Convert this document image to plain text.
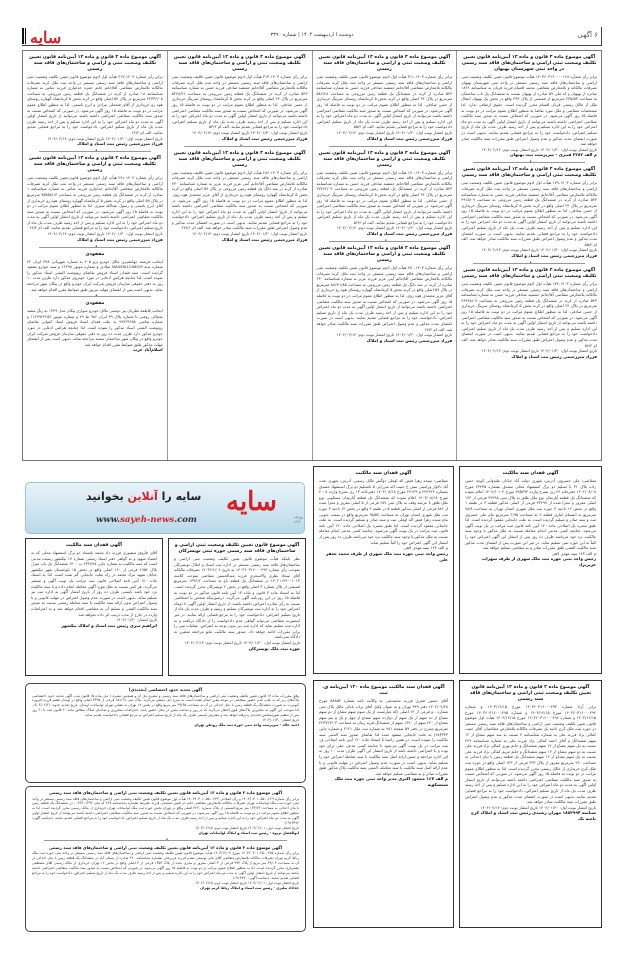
سایه	دوشنبه ا اردیبهشت ۱۴۰۴ | شماره ۳۳۹۰	۶ آگهی
آگهی موضوع ماده ۳ قانون و ماده ۱۳ آیین‌نامه قانون تعیین تکلیف وضعیت ثبتی اراضی و ساختمان‌های فاقد سند رسمی در واحد ثبتی شهرستان بهبهان

برابر رأی شماره ۱۴۰۳۶۰۳۱۲۰۰۰۰۱۲۸ هیأت موضوع قانون تعیین تکلیف وضعیت ثبتی اراضی و ساختمان‌های فاقد سند رسمی مستقر در واحد ثبتی شهرستان بهبهان تصرفات مالکانه و بلامعارض متقاضی محمد اقسام فرزند قربان به شناسنامه ۱۸۶۲ صادره از بهبهان و کد ملی ۵۹ صادره از بهبهان نسبت به ششدانگ یک باب ساختمان به مساحت ۲۳۵/۵۳ مترمربع از قسمتی از پلاک ۳۹۳ واقع در بخش یک بهبهان انتقال ملک از مالک رسمی قربان اقسام محرز گردیده است. حقوق ارتفاقی ندارد. لذا مشخصات متقاضی و ملک مورد تقاضا به منظور اطلاع عموم مراتب در دو نوبت به فاصله ۱۵ روز آگهی می‌شود. در صورتی که اشخاص نسبت به صدور سند مالکیت متقاضی اعتراضی داشته باشند می‌توانند از تاریخ انتشار اولین آگهی به مدت دو ماه اعتراض خود را به این اداره تسلیم و پس از اخذ رسید ظرف مدت یک ماه از تاریخ تسلیم اعتراض، دادخواست خود را به مراجع قضایی تقدیم نمایند. بدیهی است در صورت انقضای مدت مذکور و عدم وصول اعتراض طبق مقررات سند مالکیت صادر خواهد شد.

تاریخ انتشار نوبت اول: ۱۴۰۴/۰۱/۳۰ تاریخ انتشار نوبت دوم: ۱۴۰۴/۰۲/۱۴
م الف ۲۲۸۲ قنبری - سرپرست ثبت بهبهان
•
آگهی موضوع ماده ۳ قانون و ماده ۱۳ آیین‌نامه قانون تعیین تکلیف وضعیت ثبتی اراضی و ساختمان‌های فاقد سند رسمی

برابر رأی شماره ۱۴۰۳-۱۷۹ هیأت اول ادوم موضوع قانون تعیین تکلیف وضعیت ثبتی اراضی و ساختمان‌های فاقد سند رسمی مستقر در واحد ثبت ملک کرند تصرفات مالکانه بلامعارض متقاضی آقا/خانم جمشید صادقی فرزند حسن به شماره شناسنامه ۵۴۳ صادره از کرند در ششدانگ یک قطعه زمین مزروعی به مساحت ۴۹۱۵/۰۹ مترمربع در پلاک ۲۴ اصلی واقع در کرند بخش ۵ کرمانشاه روستای سرینگ خریداری از حسن صادقی. لذا به منظور اطلاع عموم مراتب در دو نوبت به فاصله ۱۵ روز آگهی می‌شود. در صورتی که اشخاص نسبت به صدور سند مالکیت متقاضی اعتراضی داشته باشند می‌توانند از تاریخ انتشار اولین آگهی به مدت دو ماه اعتراض خود را به این اداره تسلیم و پس از اخذ رسید ظرف مدت یک ماه از تاریخ تسلیم اعتراض، دادخواست خود را به مراجع قضایی تقدیم نمایند. بدیهی است در صورت انقضای مدت مذکور و عدم وصول اعتراض طبق مقررات سند مالکیت صادر خواهد شد. الف ام ۵۵/۲

تاریخ انتشار نوبت اول: ۱۴۰۴/۰۱/۳۰ تاریخ انتشار نوبت دوم: ۱۴۰۴/۰۲/۱۴
فرزاد میررحیمی رئیس ثبت اسناد و املاک
•
آگهی موضوع ماده ۳ قانون و ماده ۱۳ آیین‌نامه قانون تعیین تکلیف وضعیت ثبتی اراضی و ساختمان‌های فاقد سند رسمی

برابر رأی شماره ۱۴۰۳-۱۷۴ هیأت اول ادوم موضوع قانون تعیین تکلیف وضعیت ثبتی اراضی و ساختمان‌های فاقد سند رسمی مستقر در واحد ثبت ملک کرند تصرفات مالکانه بلامعارض متقاضی آقا/خانم جمشید صادقی فرزند حسن به شماره شناسنامه ۵۴۳ صادره از کرند در ششدانگ یک قطعه زمین مزروعی به مساحت ۴۴۹۳۸/۰۷ مترمربع در پلاک ۲۴ اصلی واقع در کرند بخش ۵ کرمانشاه روستای سرینگ خریداری از حسن صادقی. لذا به منظور اطلاع عموم مراتب در دو نوبت به فاصله ۱۵ روز آگهی می‌شود. در صورتی که اشخاص نسبت به صدور سند مالکیت متقاضی اعتراضی داشته باشند می‌توانند از تاریخ انتشار اولین آگهی به مدت دو ماه اعتراض خود را به این اداره تسلیم و پس از اخذ رسید ظرف مدت یک ماه از تاریخ تسلیم اعتراض، دادخواست خود را به مراجع قضایی تقدیم نمایند. بدیهی است در صورت انقضای مدت مذکور و عدم وصول اعتراض طبق مقررات سند مالکیت صادر خواهد شد. الف ام ۵۷/۲

تاریخ انتشار نوبت اول: ۱۴۰۴/۰۱/۳۰ تاریخ انتشار نوبت دوم: ۱۴۰۴/۰۲/۱۴
فرزاد میررحیمی رئیس ثبت اسناد و املاک
آگهی موضوع ماده ۳ قانون و ماده ۱۳ آیین‌نامه قانون تعیین تکلیف وضعیت ثبتی و اراضی و ساختمان‌های فاقد سند رسمی

برابر رأی شماره ۱۴۰۳-۳۱۱ هیأت اول ادوم موضوع قانون تعیین تکلیف وضعیت ثبتی اراضی و ساختمان‌های فاقد سند رسمی مستقر در واحد ثبت ملک کرند تصرفات مالکانه بلامعارض متقاضی آقا/خانم جمشید صادقی فرزند حسن به شماره شناسنامه ۵۴۳ صادره از کرند در ششدانگ یک قطعه زمین مزروعی به مساحت ۵۸۶/۲۸ مترمربع در پلاک ۲۴ اصلی واقع در کرند بخش ۵ کرمانشاه روستای سرینگ خریداری از حسن صادقی. لذا به منظور اطلاع عموم مراتب در دو نوبت به فاصله ۱۵ روز آگهی می‌شود. در صورتی که اشخاص نسبت به صدور سند مالکیت متقاضی اعتراضی داشته باشند می‌توانند از تاریخ انتشار اولین آگهی به مدت دو ماه اعتراض خود را به این اداره تسلیم و پس از اخذ رسید ظرف مدت یک ماه از تاریخ تسلیم اعتراض، دادخواست خود را به مراجع قضایی تقدیم نمایند. الف ام ۵۵/۲

تاریخ انتشار نوبت اول: ۱۴۰۴/۰۱/۳۰ تاریخ انتشار نوبت دوم: ۱۴۰۴/۰۲/۱۴
فرزاد میررحیمی رئیس ثبت اسناد و املاک
•
آگهی موضوع ماده ۳ قانون و ماده ۱۳ آیین‌نامه قانون تعیین تکلیف وضعیت ثبتی و اراضی و ساختمان‌های فاقد سند رسمی

برابر رأی شماره ۱۴۰۳-۱۷۰ هیأت اول ادوم موضوع قانون تعیین تکلیف وضعیت ثبتی اراضی و ساختمان‌های فاقد سند رسمی مستقر در واحد ثبت ملک کرند تصرفات مالکانه بلامعارض متقاضی آقا/خانم جمشید صادقی فرزند حسن به شماره شناسنامه ۵۴۳ صادره از کرند در ششدانگ یک قطعه زمین مزروعی به مساحت ۲۷۷۶۴/۰۴ مترمربع در پلاک ۲۴ اصلی واقع در کرند بخش ۵ کرمانشاه روستای سرینگ خریداری از حسن صادقی. لذا به منظور اطلاع عموم مراتب در دو نوبت به فاصله ۱۵ روز آگهی می‌شود. در صورتی که اشخاص نسبت به صدور سند مالکیت متقاضی اعتراضی داشته باشند می‌توانند از تاریخ انتشار اولین آگهی به مدت دو ماه اعتراض خود را به این اداره تسلیم و پس از اخذ رسید ظرف مدت یک ماه از تاریخ تسلیم اعتراض، دادخواست خود را به مراجع قضایی تقدیم نمایند. الف ام ۵۶/۲

تاریخ انتشار نوبت اول: ۱۴۰۴/۰۱/۳۰ تاریخ انتشار نوبت دوم: ۱۴۰۴/۰۲/۱۴
فرزاد میررحیمی رئیس ثبت اسناد و املاک
•
آگهی موضوع ماده ۳ قانون و ماده ۱۳ آیین‌نامه قانون تعیین تکلیف وضعیت ثبتی و اراضی و ساختمان‌های فاقد سند رسمی

برابر رأی شماره ۱۴۰۳-۲۸۰ هیأت اول ادوم موضوع قانون تعیین تکلیف وضعیت ثبتی اراضی و ساختمان‌های فاقد سند رسمی مستقر در واحد ثبت ملک کرند تصرفات مالکانه بلامعارض متقاضی آقا/خانم آیتی عزیز فرزند عزیز به شماره شناسنامه ۲۳۰ صادره از کرند در سه دانگ یک قطعه زمین مزروعی به مساحت ۸۸۶۴۱/۸۵ مترمربع در پلاک ۵۹ اصلی واقع در کرند بخش ۵ کرمانشاه گهواره روستای هوه رو خریداری از آقای عزیز محمدی هوه روی. لذا به منظور اطلاع عموم مراتب در دو نوبت به فاصله ۱۵ روز آگهی می‌شود. در صورتی که اشخاص نسبت به صدور سند مالکیت متقاضی اعتراضی داشته باشند می‌توانند از تاریخ انتشار اولین آگهی به مدت دو ماه اعتراض خود را به این اداره تسلیم و پس از اخذ رسید ظرف مدت یک ماه از تاریخ تسلیم اعتراض، دادخواست خود را به مراجع قضایی تقدیم نمایند. بدیهی است در صورت انقضای مدت مذکور و عدم وصول اعتراض طبق مقررات سند مالکیت صادر خواهد شد. الف ام ۶۷/۲

تاریخ انتشار نوبت اول: ۱۴۰۴/۰۱/۳۰ تاریخ انتشار نوبت دوم: ۱۴۰۴/۰۲/۱۴
فرزاد میررحیمی رئیس ثبت اسناد و املاک
آگهی موضوع ماده ۳ قانون و ماده ۱۳ آیین‌نامه قانون تعیین تکلیف وضعیت ثبتی و اراضی و ساختمان‌های فاقد سند رسمی

برابر رأی شماره ۱۴۰۳-۳۱۳ هیأت اول ادوم موضوع قانون تعیین تکلیف وضعیت ثبتی اراضی و ساختمان‌های فاقد سند رسمی مستقر در واحد ثبت ملک کرند تصرفات مالکانه بلامعارض متقاضی آقا/خانم جمشید صادقی فرزند حسن به شماره شناسنامه ۵۴۳ صادره از کرند در ششدانگ یک قطعه زمین مزروعی به مساحت ۵۲۲۸/۴۱ مترمربع در پلاک ۲۴ اصلی واقع در کرند بخش ۵ کرمانشاه روستای سرینگ خریداری از حسن صادقی. لذا به منظور اطلاع عموم مراتب در دو نوبت به فاصله ۱۵ روز آگهی می‌شود. در صورتی که اشخاص نسبت به صدور سند مالکیت متقاضی اعتراضی داشته باشند می‌توانند از تاریخ انتشار اولین آگهی به مدت دو ماه اعتراض خود را به این اداره تسلیم و پس از اخذ رسید ظرف مدت یک ماه از تاریخ تسلیم اعتراض، دادخواست خود را به مراجع قضایی تقدیم نمایند. الف ام ۵۳/۲

تاریخ انتشار نوبت اول: ۱۴۰۴/۰۱/۳۰ تاریخ انتشار نوبت دوم: ۱۴۰۴/۰۲/۱۴
فرزاد میررحیمی رئیس ثبت اسناد و املاک
•
آگهی موضوع ماده ۳ قانون و ماده ۱۳ آیین‌نامه قانون تعیین تکلیف وضعیت ثبتی و اراضی و ساختمان‌های فاقد سند رسمی

برابر رأی شماره ۱۴۰۳-۲۸۶ هیأت اول ادوم موضوع قانون تعیین تکلیف وضعیت ثبتی اراضی و ساختمان‌های فاقد سند رسمی مستقر در واحد ثبت ملک کرند تصرفات مالکانه بلامعارض متقاضی آقا/خانم آیتی عزیز فرزند عزیز به شماره شناسنامه ۲۳۰ صادره از کرند در سه دانگ یک قطعه زمین مزروعی در پلاک ۵۹ اصلی واقع در کرند بخش ۵ کرمانشاه گهواره روستای هوه رو خریداری از آقای عزیز محمدی هوه روی. لذا به منظور اطلاع عموم مراتب در دو نوبت به فاصله ۱۵ روز آگهی می‌شود. در صورتی که اشخاص نسبت به صدور سند مالکیت متقاضی اعتراضی داشته باشند می‌توانند از تاریخ انتشار اولین آگهی به مدت دو ماه اعتراض خود را به این اداره تسلیم و پس از اخذ رسید ظرف مدت یک ماه از تاریخ تسلیم اعتراض، دادخواست خود را به مراجع قضایی تقدیم نمایند. بدیهی است در صورت انقضای مدت مذکور و عدم وصول اعتراض طبق مقررات سند مالکیت صادر خواهد شد. الف ام ۶۷۹/۱

تاریخ انتشار نوبت اول: ۱۴۰۴/۰۱/۳۰ تاریخ انتشار نوبت دوم: ۱۴۰۴/۰۲/۱۴
فرزاد میررحیمی رئیس ثبت اسناد و املاک
آگهی موضوع ماده ۳ قانون و ماده ۱۳ آیین‌نامه قانون تعیین تکلیف وضعیت ثبتی و اراضی و ساختمان‌های فاقد سند رسمی

برابر رأی شماره ۱۴۰۳-۳۱۳ هیأت اول ادوم موضوع قانون تعیین تکلیف وضعیت ثبتی اراضی و ساختمان‌های فاقد سند رسمی مستقر در واحد ثبت ملک کرند تصرفات مالکانه بلامعارض متقاضی آقا/خانم خانم حمزه خدابیاری فرزند عباس به شماره شناسنامه ۱۸ صادره از کرند در ششدانگ یک قطعه زمین مزروعی به مساحت ۲۲۳۳۶/۰۸ مترمربع در پلاک ۵۹ اصلی واقع در کرند بخش ۵ کرمانشاه گهواره روستای هوه رو خریداری از آقای فتحعلی مرادی و ایرج یاسمی. لذا به منظور اطلاع عموم مراتب در دو نوبت به فاصله ۱۵ روز آگهی می‌شود. در صورتی که اشخاص نسبت به صدور سند مالکیت متقاضی اعتراضی داشته باشند می‌توانند از تاریخ انتشار اولین آگهی به مدت دو ماه اعتراض خود را به این اداره تسلیم و پس از اخذ رسید ظرف مدت یک ماه از تاریخ تسلیم اعتراض، دادخواست خود را به مراجع قضایی تقدیم نمایند. الف ام ۶۲/۲

تاریخ انتشار نوبت اول: ۱۴۰۴/۰۱/۳۰ تاریخ انتشار نوبت دوم: ۱۴۰۴/۰۲/۱۴
فرزاد میررحیمی رئیس ثبت اسناد و املاک
•
آگهی موضوع ماده ۳ قانون و ماده ۱۳ آیین‌نامه قانون تعیین تکلیف وضعیت ثبتی و اراضی و ساختمان‌های فاقد سند رسمی

برابر رأی شماره ۱۴۰۳-۲۹۱ هیأت اول ادوم موضوع قانون تعیین تکلیف وضعیت ثبتی اراضی و ساختمان‌های فاقد سند رسمی مستقر در واحد ثبت ملک کرند تصرفات مالکانه بلامعارض متقاضی آقا/خانم خدابیاری فرزند عباس به شماره شناسنامه ۱ صادره از کرند در ششدانگ یک قطعه زمین مزروعی به مساحت ۹۵۷۵۸/۱۳ مترمربع در پلاک ۵۹ اصلی واقع در کرند بخش ۵ کرمانشاه گهواره روستای هوه رو خریداری از آقای ایرج یاسمی و رسول عبدالله سبزی. لذا به منظور اطلاع عموم مراتب در دو نوبت به فاصله ۱۵ روز آگهی می‌شود. در صورتی که اشخاص نسبت به صدور سند مالکیت متقاضی اعتراضی داشته باشند می‌توانند از تاریخ انتشار اولین آگهی به مدت دو ماه اعتراض خود را به این اداره تسلیم و پس از اخذ رسید ظرف مدت یک ماه از تاریخ تسلیم اعتراض، دادخواست خود را به مراجع قضایی تقدیم نمایند. الف ام ۶۲/۲

تاریخ انتشار نوبت اول: ۱۴۰۴/۰۱/۳۰ تاریخ انتشار نوبت دوم: ۱۴۰۴/۰۲/۱۴
فرزاد میررحیمی رئیس ثبت اسناد و املاک
•
مفقودی

ایجانب فرشته جهانشیری مالک خودرو پژو ۴۰۵ به شماره شهربانی ۳۹۸ ایران ۲۲ شماره بدنه NAAM01CA6CM میلادی و شماره موتور ۱۲۴۹۸ و سند خودرو مفقود گردیده است. سند فقدان اسناد فروش تقاضای رونوشت المثنی اسناد مذکور را نموده است. لذا چنانچه هرکس ادعایی در مورد خودروی مذکور دارد ظرف مدت ۱۰ روز به دفتر حقوقی سازمان فروش شرکت ایران خودرو واقع در پیکان شهر مراجعه نماید. بدیهی است پس از انقضای مهلت مزبور طبق ضوابط مقرر اقدام خواهد شد.

•
مفقودی

ایجانب فاطمه نظریان پیر دوستی مالک خودرو سواری پیکان مدل ۱۳۷۹ به رنگ سفید یخچالی روغنی با شماره پلاک ۳۹ ایران ۹۸۶ ط ۷۹ و شماره موتور ۱۱۲۷۹۲۲۲۵۲ و شماره شاسی ۷۹۴۲۳۶۵۸ به علت فقدان اسناد فروش اسناد کمپانی تقاضای رونوشت المثنی اسناد مذکور را نموده است. لذا چنانچه هرکس ادعایی در مورد خودرو مذکور دارد ظرف مدت ده روز به دفتر حقوقی سازمان فروش شرکت ایران خودرو واقع در پیکان شهر ساختمان سمند مراجعه نماید. بدیهی است پس از انقضای مهلت مذکور طبق ضوابط مقرر اقدام خواهد شد.

اسلام‌آباد غرب
سایه	روزنامه ایران
سایه را آنلاین بخوانید
www.sayeh-news.com
آگهی فقدان سند مالکیت

متقاضی: علی خسروی، آدرس: شهری دولت آباد خیابان علیدوانی کوچه حسن زاده پلاک ۳۱ با تسلیم دو برگ استشهاد محلی مصدق بشماره ۲۳۴۳۵ مورخ ۱۴۰۲/۰۸/۰۸ دفترخانه ۴۲ ری بشرح وارده ۲۹۵۷۹۳ مورخ ۱۴۰۲/۱۰/۰۴ اعلام نموده که ششدانگ یک قطعه آپارتمان نوع ملک طلق به پلاک ثبتی ۲۷۹۹۸ فرعی از ۱۲۳ اصلی مفروز و مجزا شده از ۴۳۲۹۷ فرعی از اصلی مذکور قطعه ۴ در طبقه ۱ واقع در بخش ۱۲ ناحیه ۳ حوزه ثبت ملک شهری استان تهران به مساحت ۹۸/۸ مترمربع به انضمام انباری قطعه ۲ به مساحت ۲/۹۵ مترمربع بنام علی خسروی ثبت و سند صادر و تسلیم گردیده است. به علت جابجایی مفقود گردیده است. لذا طبق تبصره یک اصلاحی ماده ۱۲۰ آیین نامه قانون ثبت مراتب در یک نوبت آگهی می‌شود. چنانچه کسی مدعی انجام معامله نسبت به ملک مذکور یا وجود سند مالکیت نزد خود می‌باشد ظرف ده روز پس از انتشار این آگهی اعتراض خود را کتباً به این حوزه ثبتی تسلیم نماید. در غیر این صورت پس از انقضای مدت مذکور سند مالکیت المثنی طبق مقررات صادر و به متقاضی تسلیم خواهد شد.

م الف ۱۴۳ سید مهدی لاهی
رئیس واحد ثبتی حوزه ثبت ملک شهری از طرف سهراب عزیزنژاد
آگهی فقدان سند مالکیت

متقاضی: سیده زهرا فیض اله اوغلی دوگش مالک رسمی، آدرس: شهری تحت آباد دلاوار ورامینی نبش خ حبیب اله میرزایی ۵ باتسلیم دو برگ استشهاد مصدق بشماره ۲۴۲۳۲۳ و ۲۴۱۳۹ مورخ ۱۴۰۳/۰۸/۱۸ دفترخانه ۱۳ ری بشرح وارده ۴۰۰۸ مورخ ۱۴۰۳/۰۸/۱۸ اعلام نموده که ششدانگ یک قطعه آپارتمان مسکونی نوع ملک طلق با عرصه وقف به پلاک ثبتی ۶۸۷ فرعی از ۵ اصلی مفروز و مجزا شده از ۸۸۶ فرعی از اصلی مذکور قطعه ۵ در طبقه ۲ واقع در بخش ۱۲ ناحیه ۳ حوزه ثبت ملک شهری استان تهران به مساحت ۹۵/۵۷ مترمربع واقع در سمت جنوبی بنام سیده زهرا فیض اله اوغلی ثبت و سند صادر و تسلیم گردیده است. به علت جابجایی مفقود گردیده است. لذا طبق تبصره یک اصلاحی ماده ۱۲۰ آیین نامه قانون ثبت مراتب در یک نوبت آگهی می‌شود. چنانچه کسی مدعی انجام معامله نسبت به ملک مذکور یا وجود سند مالکیت نزد خود می‌باشد ظرف ده روز پس از انتشار این آگهی اعتراض خود را کتباً تسلیم نماید.

م الف ۱۴۴ سید مهدی لاهی
رئیس واحد ثبتی حوزه ثبت ملک شهری از طرف محمد جعفر علی
آگهی موضوع قانون تعیین تکلیف وضعیت ثبتی اراضی و ساختمان‌های فاقد سند رسمی حوزه ثبتی تویسرکان

نظر باینکه هیأت موضوع قانون تعیین تکلیف وضعیت ثبتی اراضی و ساختمان‌های فاقد سند رسمی مستقر در اداره ثبت اسناد و املاک تویسرکان بموجب رأی شماره ۱۴۰۳۶۰۳۱۶۰۰۰۴۹۳ به تاریخ ۱۴۰۳/۱۲/۰۴ تصرفات مالکانه آقای سجاد نظری والاسحری فرزند عبدالحسین متقاضی بموجب کلاسه ۱۴۰۲۱۱۴۴۰۰۱۰۱۳ در ششدانگ یک قطعه باغ به مساحت ۱۳۷۲/۲ مترمربع قسمتی از پلاک شماره ۳ اصلی واقع در بخش ۲ تویسرکان محرز گردیده است. لذا به استناد ماده ۳ قانون و ماده ۱۳ آیین نامه قانون مذکور در دو نوبت به فاصله ۱۵ روز در این روزنامه آگهی می‌گردد. درصورتیکه شخص یا اشخاصی نسبت به رأی صادره اعتراض داشته باشند، از تاریخ انتشار اولین آگهی تا دوماه اعتراض خود را به اداره ثبت تویسرکان تسلیم و رسید و ظرف مدت یک ماه از تاریخ تسلیم اعتراض، دادخواست خود را به مرجع قضایی ارائه نمایند. در غیر اینصورت متقاضی می‌تواند گواهی عدم دادخواست را از دادگاه دریافت و به اداره ثبت تسلیم نماید که اداره ثبت نیز بدون توجه به اعتراض، عملیات ثبتی را برابر مقررات ادامه خواهد داد. صدور سند مالکیت مانع مراجعه متضرر به دادگاه نمی‌باشد.

تاریخ انتشار نوبت اول: ۱۴۰۴/۰۱/۳۰ تاریخ انتشار نوبت دوم: ۱۴۰۴/۰۲/۱۴
حوزه ثبت ملک تویسرکان
آگهی فقدان سند مالکیت

آقای فاروق منصوری فرزند داد محمد باستناد دو برگ استشهاد محلی که به امضاء شهود و به گواهی دفتر اسناد رسمی شماره ۱۷ نیکشهر رسیده مدعی است که سند مالکیت به شماره چاپی ۲۳۲۸۹۸ ب ۱۴۰۰ ششدانگ یک باب منزل پلاک ۱۹۵۴ فرعی از ۱۶۰ اصلی واقع در بخش ۱۵ بلوچستان شهر نیکشهر خیابان شهید مراد محمد در راه بعلت جابجایی گم شده است. لذا به استناد ماده ۱۲۰ آئین نامه اصلاحی قانون ثبت مراتب یک نوبت آگهی و منتشر می‌گردد. هر کس نسبت به ملک مورد آگهی معامله انجام داده و یا سند مالکیت نزد خود باشد بایستی ظرف ده روز از تاریخ انتشار آگهی به اداره ثبت نیز تسلیم نماید. بدیهی است در صورت عدم وصول اعتراض در مهلت قانونی و یا وصول اعتراض بدون ارائه سند مالکیت یا سند معامله رسمی نسبت به صدور سند مالکیت المثنی و تسلیم آن به متقاضی اقدام خواهد شد و به اعتراضات وارده در خارج از مدت ترتیب اثر داده نخواهد شد.

تاریخ انتشار: ۱۴۰۴/۰۱/۳۰
ابراهیم میری رئیس ثبت اسناد و املاک نیکشهر
آگهی موضوع ماده ۳ قانون و ماده ۱۳ آیین‌نامه قانون تعیین تکلیف وضعیت ثبتی اراضی و ساختمان‌های فاقد سند رسمی

برابر آراء شماره ۱۴۰۳۶۰۳۱۶۰۰۰۴۹۳ مورخ ۱۴۰۳/۱۲/۱۵ و شماره ۱۴۰۳۶۰۳۱۶۰۰۰۴۹۴ مورخ ۱۴۰۳/۱۲/۱۵ و شماره ۱۴۰۳۶۰۳۱۶۰۰۰۴۹۵ مورخ ۱۴۰۳/۱۲/۱۵ و شماره ۱۴۰۳۶۰۳۱۶۰۰۰۴۹۶ مورخ ۱۴۰۳/۱۲/۱۵ هیأت اول موضوع قانون تعیین تکلیف وضعیت ثبتی اراضی و ساختمان‌های فاقد سند رسمی مستقر در حوزه ثبت ملک کرج ناحیه یک تصرفات مالکانه بلامعارض متقاضیان آقای حبیب کمالی نژاد فرزند علی به شماره شناسنامه ۴ نسبت به سه سهم مشاع از ۱۲ سهم ششدانگ و آقای احمد کمالی نژاد فرزند علی به شماره شناسنامه ۲۲۷ نسبت به یک سهم مشاع از ۱۲ سهم ششدانگ و خانم پوری کمالی نژاد فرزند علی نسبت به دو سهم مشاع از ۱۲ سهم ششدانگ و خانم مریم کمالی نژاد فرزند علی نسبت به یک سهم مشاع از ۱۲ سهم ششدانگ یک قطعه زمین با بنای احداثی به مساحت ۲۹۰ مترمربع مفروز از پلاک ۲۳۳ فرعی از ۱۴۳ اصلی واقع در حوزه ثبت ملک کرج خریداری از مالک رسمی محرز گردیده است. لذا به منظور اطلاع عموم مراتب در دو نوبت به فاصله ۱۵ روز آگهی می‌شود. در صورتی که اشخاص نسبت به صدور سند مالکیت متقاضی اعتراضی داشته باشند می‌توانند از تاریخ انتشار اولین آگهی به مدت دو ماه اعتراض خود را به این اداره تسلیم و پس از اخذ رسید ظرف مدت یک ماه از تاریخ تسلیم اعتراض، دادخواست خود را به مراجع قضایی تقدیم نمایند. بدیهی است در صورت انقضای مدت مذکور و عدم وصول اعتراض طبق مقررات سند مالکیت صادر خواهد شد.

تاریخ انتشار نوبت اول: ۱۴۰۴/۰۱/۳۰ تاریخ انتشار نوبت دوم: ۱۴۰۴/۰۲/۱۴
شناسه ۱۸۸۲۹۹۴ مهران رشیدی رئیس ثبت اسناد و املاک کرج ناحیه یک
آگهی فقدان سند مالکیت موضوع ماده ۱۲۰ آیین‌نامه ق. ثبت

آقای حسین قنبری فرزند محمدتقی به وکالت نامه شماره ۵۸۸۵۴ مورخ ۱۴۰۲/۰۴/۲۸ دفتر ۳۴۹ تهران و به عنوان وکیل آقای برات بابائی مالک پلاک ثبتی شماره - و فرعی از ۱۳ اصلی (که عبارتست از یک سوم سهم مشاع از دو سهم مشاع از ده سهم از یک سهم از دوازده سهم مشاع از چهل و یک و نیم سهم مشاع از ۲۴۰ سهم از ۱۶۹۰ سهم از ششدانگ قریه زیبان به مساحت ۲۲۳۷۲۳/۰۳ مترمربع مندرج در دفتر ۵۹ صفحه ۹۸۱ به شماره ثبت ملک ۲۱۲۱ و شماره چاپی ۶۸۳۳۳۳) به علت جابجایی مفقود شده لذا تقاضای صدور سند المثنی سند مالکیت را نموده است. در همین راستا با استناد ماده ۱۲۰ آیین نامه اصلاحی ق. ثبت مراتب در یک نوبت آگهی می‌شود تا چنانچه کسی مدعی حقی برای خود بوده و یا اعتراضی داشته باشد از تاریخ انتشار این آگهی ظرف مدت ۱۰ روز به این اداره مراجعه و ضمن ارائه اصل سند مالکیت یا سند معامله اعتراض خود را تسلیم نماید. بدیهی است در صورت عدم وصول اعتراض در مهلت قانونی و یا عدم ارائه اصل سند مالکیت یا سند معامله، المثنی سند مالکیت پلاک مذکور طبق مقررات صادر و به متقاضی تسلیم خواهد شد.

م الف ۱۶۷ محمود اکبری مدیر واحد ثبتی حوزه ثبت ملک شمشکویه
آگهی تحدید حدود اختصاصی (تجدیدی)

وفق مقررات ماده ۱۳ قانون تعیین تکلیف وضعیت ثبتی اراضی و ساختمان‌های فاقد سند رسمی و تبصره ذیل آن و همچنین تبصره ۱ ذیل ماده ۱۵ قانون ثبت، آگهی تحدید حدود اختصاصی پلاک‌های زیر که به علت عدم حضور متقاضی در موعد مقرر انجام نشده است به شرح ذیل منتشر می‌گردد. پلاک ثبتی ۱۵۱/۱۷ فرعی از ۳۳۹۵ اصلی واقع در اوشان فشم فرزند فیروزه کیومرث به صورت ششدانگ یک قطعه زمین با بنای احداثی در آن به مساحت ۴۹/۹۵ متر مربع واقع در بخش ۱۸ تهران به نشانی تهران لواسانات اوشان. تاریخ تحدید حدود: ۱۴۰۴/۰۲/۲۱. لذا بموجب این آگهی به مجاورین پلاک‌های فوق اخطار می‌گردد که در روز و ساعت مقرر در محل حضور یابند. اعتراضات مجاورین و صاحبان املاک مطابق ماده ۲۰ قانون ثبت تا ۳۰ روز پس از تنظیم صورتمجلس تحدیدی پذیرفته خواهد شد و معترض بایستی ظرف یک ماه از تاریخ تسلیم اعتراض به مرجع قضایی دادخواست تقدیم نماید.

تاریخ انتشار: ۱۴۰۴/۰۱/۳۰
احمد خالد - سرپرست واحد ثبتی حوزه ثبت ملک رودهن تهران
آگهی موضوع ماده ۳ قانون و ماده ۱۳ آیین‌نامه قانون تعیین تکلیف وضعیت ثبتی اراضی و ساختمان‌های فاقد سند رسمی

برابر رأی شماره ۱۴۰۳۶۰۳۰۱۰۵۵۰۰۲۶۹ و رأی اصلاحی ۱۴۰۳۶۰۳۰۱۰۵۵۰۰۲۳۳ هیأت اول موضوع قانون تعیین تکلیف وضعیت ثبتی اراضی و ساختمان‌های فاقد سند رسمی مستقر در واحد ثبتی حوزه ثبت ملک لواسانات تهران تصرفات مالکانه بلامعارض متقاضی خانم ام البنین صحیحی فرزند علیرضا بشماره شناسنامه ۲۲۸ کد ملی ۰۰۴۹۶۰۱۳۹۲ در ششدانگ یک قطعه زمین با بنای احداثی به مساحت ۱۳۳/۲۲ متر مربع قسمتی از پلاک شماره ۲۲۲۰ اصلی واقع در تهران بخش حوزه ثبت ملک لواسانات تهران خریداری از مالک رسمی محرز گردیده است. لذا به منظور اطلاع عموم مراتب در دو نوبت به فاصله ۱۵ روز آگهی می‌شود. در صورتی که اشخاص نسبت به صدور سند مالکیت متقاضی اعتراضی داشته باشند می‌توانند از تاریخ انتشار اولین آگهی به مدت دو ماه اعتراض خود را به این اداره تسلیم و پس از اخذ رسید ظرف مدت یک ماه از تاریخ تسلیم اعتراض، دادخواست خود را به مراجع قضایی تقدیم نمایند. (شناسه آگهی: ۱۹۱۳۴۹۶)

تاریخ انتشار نوبت اول: ۱۴۰۴/۰۲/۰۱ تاریخ انتشار نوبت دوم: ۱۴۰۴/۰۲/۱۵
ابوالفضل تریوه - رئیس ثبت اسناد و املاک لواسانات تهران
•
آگهی موضوع ماده ۳ قانون و ماده ۱۳ آیین‌نامه قانون تعیین تکلیف وضعیت ثبتی اراضی و ساختمان‌های فاقد سند رسمی

برابر رأی شماره ۱۴۰۳۶۰۳۰۱۰۴۵۰۰۲۷۵ مورخ ۱۴۰۳/۱۲/۰۴ هیأت موضوع قانون تعیین تکلیف وضعیت ثبتی اراضی و ساختمان‌های فاقد سند رسمی مستقر در واحد ثبتی حوزه ثبت ملک رباط کریم تهران تصرفات مالکانه بلامعارض متقاضی آقای علی یوسفی مقدم فرزند عزیزعلی بشماره شناسنامه ۲۲۰ صادره از بستان آباد در ششدانگ یک قطعه زمین با بنای احداثی در آن به مساحت ۳۳/۰۳ متر مربع از پلاک ۳۹۳ فرعی از ۳ اصلی مفروز و مجزی شده از پلاک ۱۳۵۳ فرعی از ۳ اصلی واقع در بخش ۱۲ تهران خریداری از مالک رسمی آقای مصطفی یشترپاری محرز گردیده است. لذا به منظور اطلاع عموم مراتب در دو نوبت به فاصله ۱۵ روز آگهی می‌شود. در صورتی که اشخاص نسبت به صدور سند مالکیت متقاضی اعتراضی داشته باشند می‌توانند از تاریخ انتشار اولین آگهی به مدت دو ماه اعتراض خود را به این اداره تسلیم و پس از اخذ رسید ظرف مدت یک ماه از تاریخ تسلیم اعتراض، دادخواست خود را به مراجع قضایی تقدیم نمایند. (شناسه آگهی: ۱۹۱۳۷۳۰)

تاریخ انتشار نوبت اول: ۱۴۰۴/۰۲/۰۱ تاریخ انتشار نوبت دوم: ۱۴۰۴/۰۲/۱۵
خداداد یبلیزی - رئیس ثبت اسناد و املاک رباط کریم تهران
